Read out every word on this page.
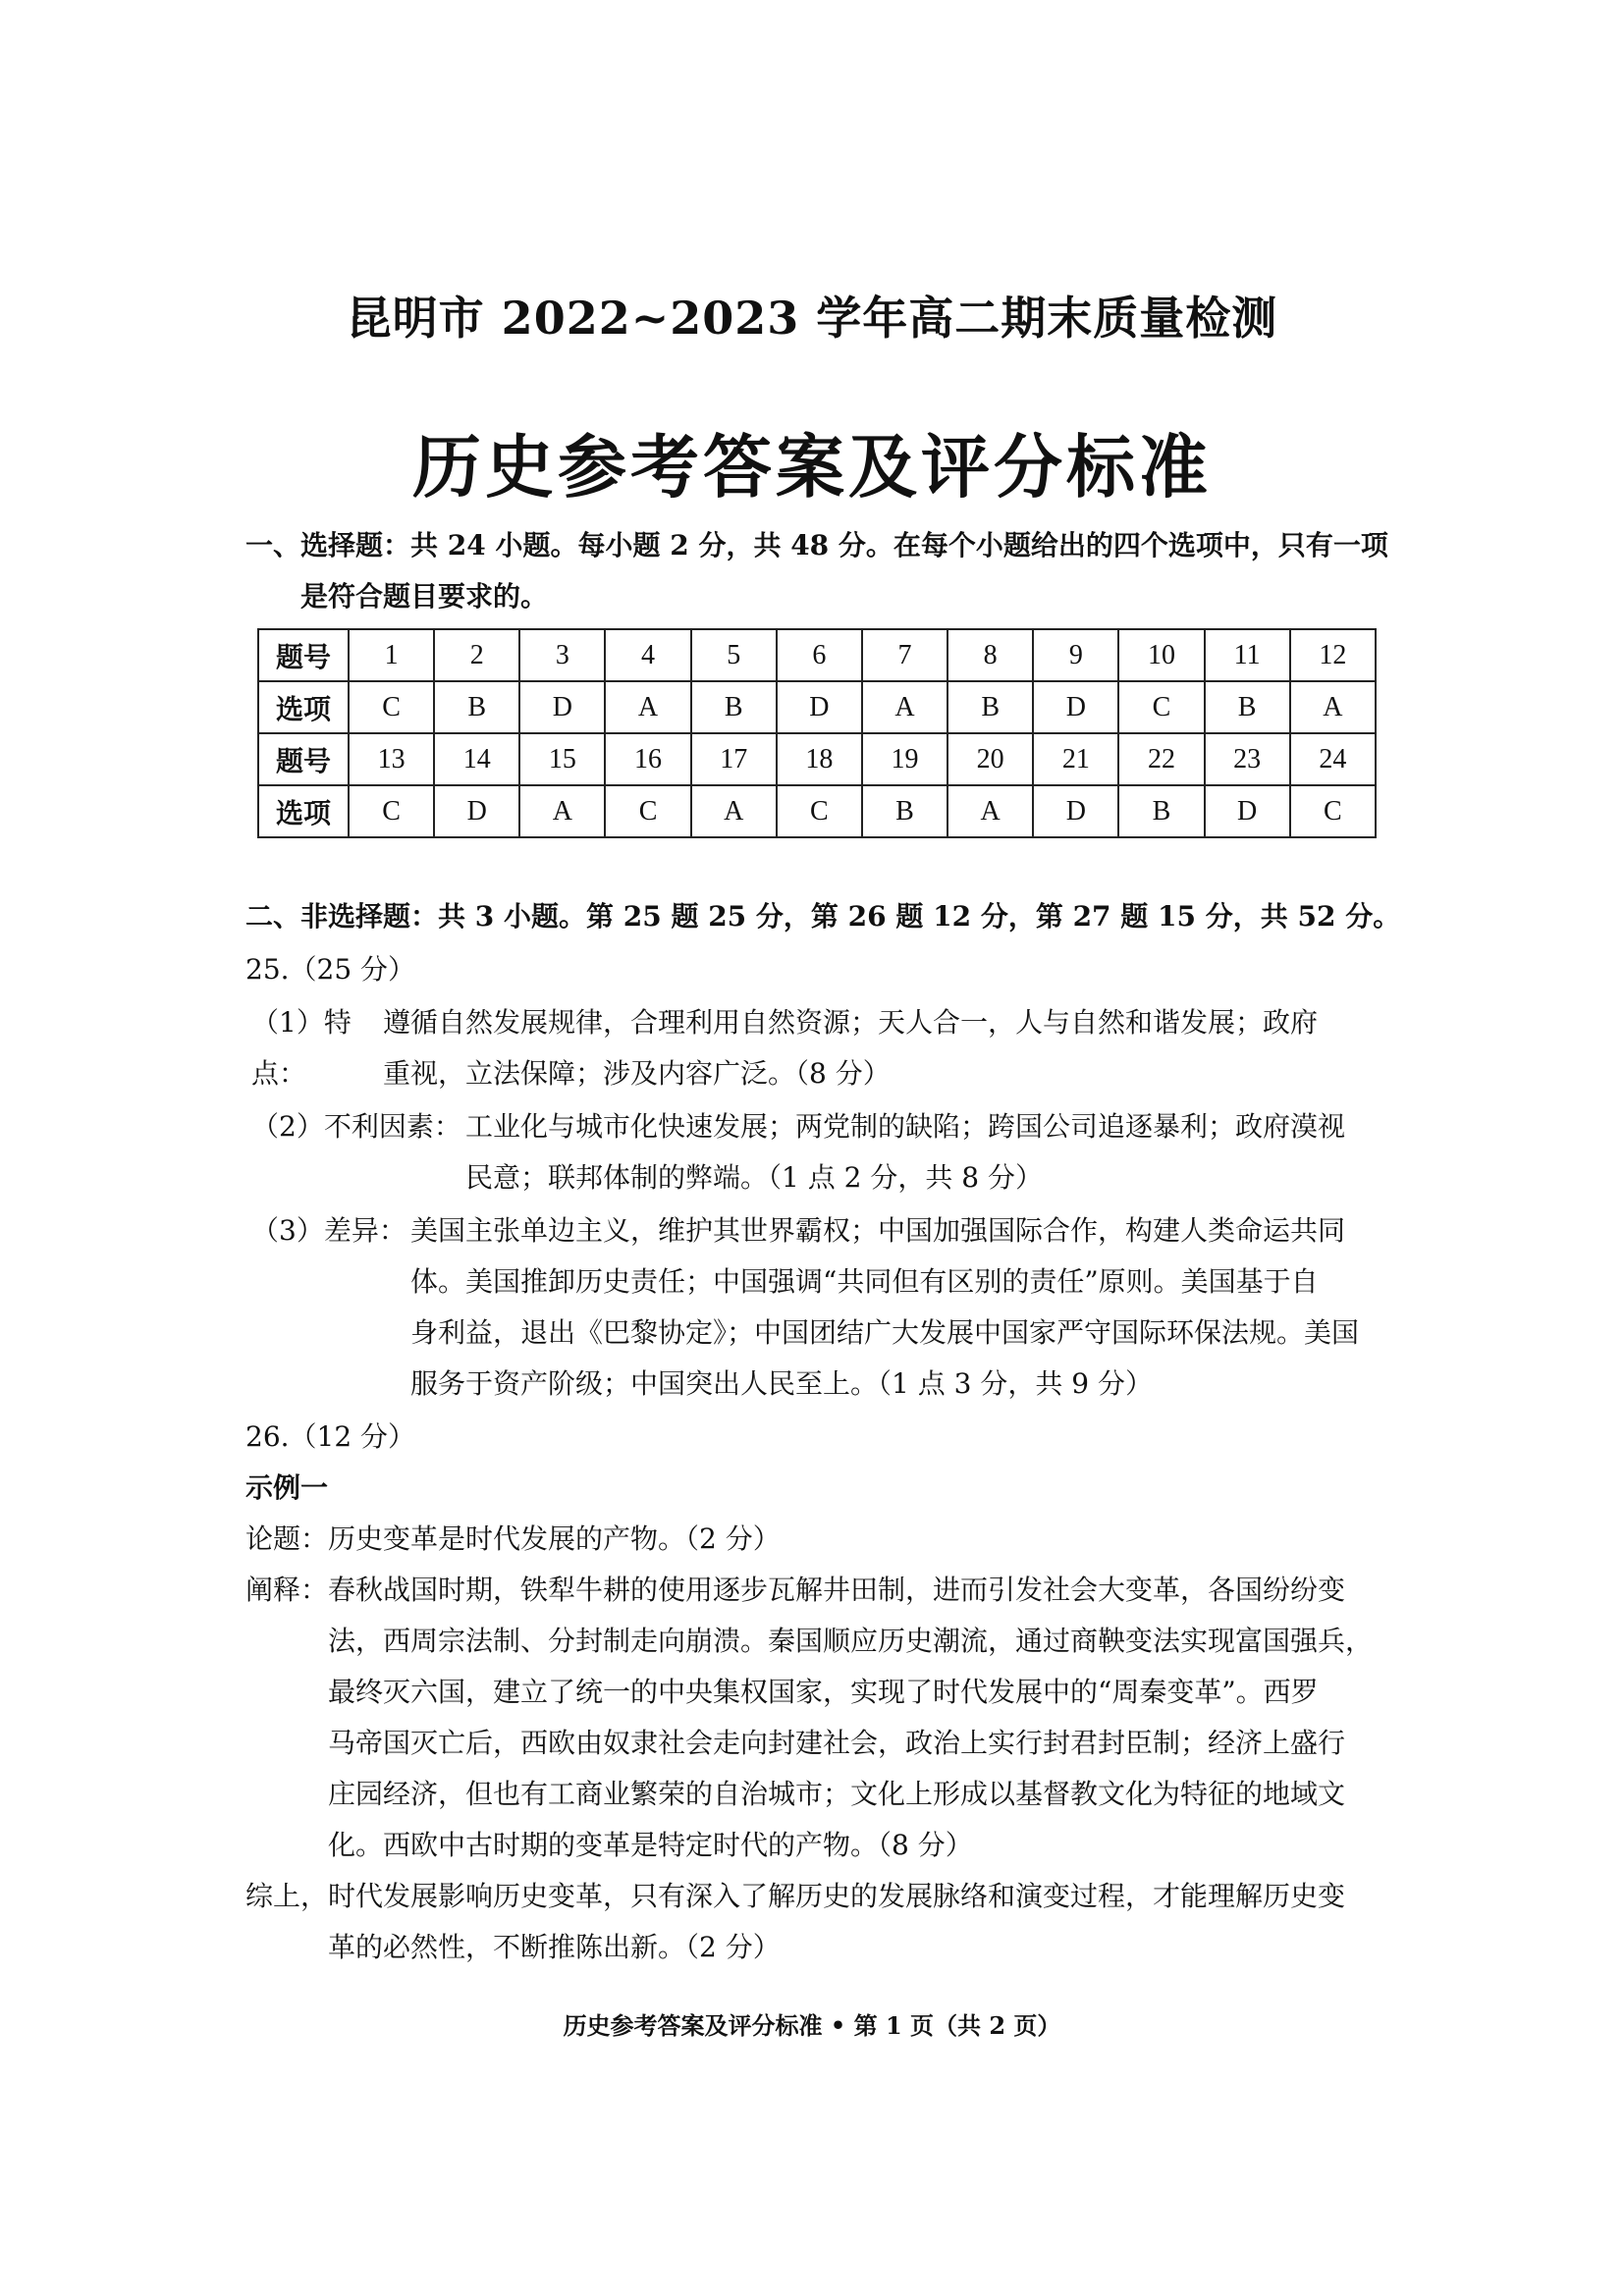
昆明市 2022~2023 学年高二期末质量检测
历史参考答案及评分标准
一、选择题：共 24 小题。每小题 2 分，共 48 分。在每个小题给出的四个选项中，只有一项
是符合题目要求的。
题号	1	2	3	4	5	6	7	8	9	10	11	12
选项	C	B	D	A	B	D	A	B	D	C	B	A
题号	13	14	15	16	17	18	19	20	21	22	23	24
选项	C	D	A	C	A	C	B	A	D	B	D	C
二、非选择题：共 3 小题。第 25 题 25 分，第 26 题 12 分，第 27 题 15 分，共 52 分。
25.（25 分）
（1）特点：
遵循自然发展规律，合理利用自然资源；天人合一，人与自然和谐发展；政府
重视，立法保障；涉及内容广泛。（8 分）
（2）不利因素： 工业化与城市化快速发展；两党制的缺陷；跨国公司追逐暴利；政府漠视
民意；联邦体制的弊端。（1 点 2 分，共 8 分）
（3）差异： 美国主张单边主义，维护其世界霸权；中国加强国际合作，构建人类命运共同
体。美国推卸历史责任；中国强调“共同但有区别的责任”原则。美国基于自
身利益，退出《巴黎协定》；中国团结广大发展中国家严守国际环保法规。美国
服务于资产阶级；中国突出人民至上。（1 点 3 分，共 9 分）
26.（12 分）
示例一
论题： 历史变革是时代发展的产物。（2 分）
阐释： 春秋战国时期，铁犁牛耕的使用逐步瓦解井田制，进而引发社会大变革，各国纷纷变
法，西周宗法制、分封制走向崩溃。秦国顺应历史潮流，通过商鞅变法实现富国强兵，
最终灭六国，建立了统一的中央集权国家，实现了时代发展中的“周秦变革”。西罗
马帝国灭亡后，西欧由奴隶社会走向封建社会，政治上实行封君封臣制；经济上盛行
庄园经济，但也有工商业繁荣的自治城市；文化上形成以基督教文化为特征的地域文
化。西欧中古时期的变革是特定时代的产物。（8 分）
综上，时代发展影响历史变革，只有深入了解历史的发展脉络和演变过程，才能理解历史变
革的必然性，不断推陈出新。（2 分）
历史参考答案及评分标准 • 第 1 页（共 2 页）
